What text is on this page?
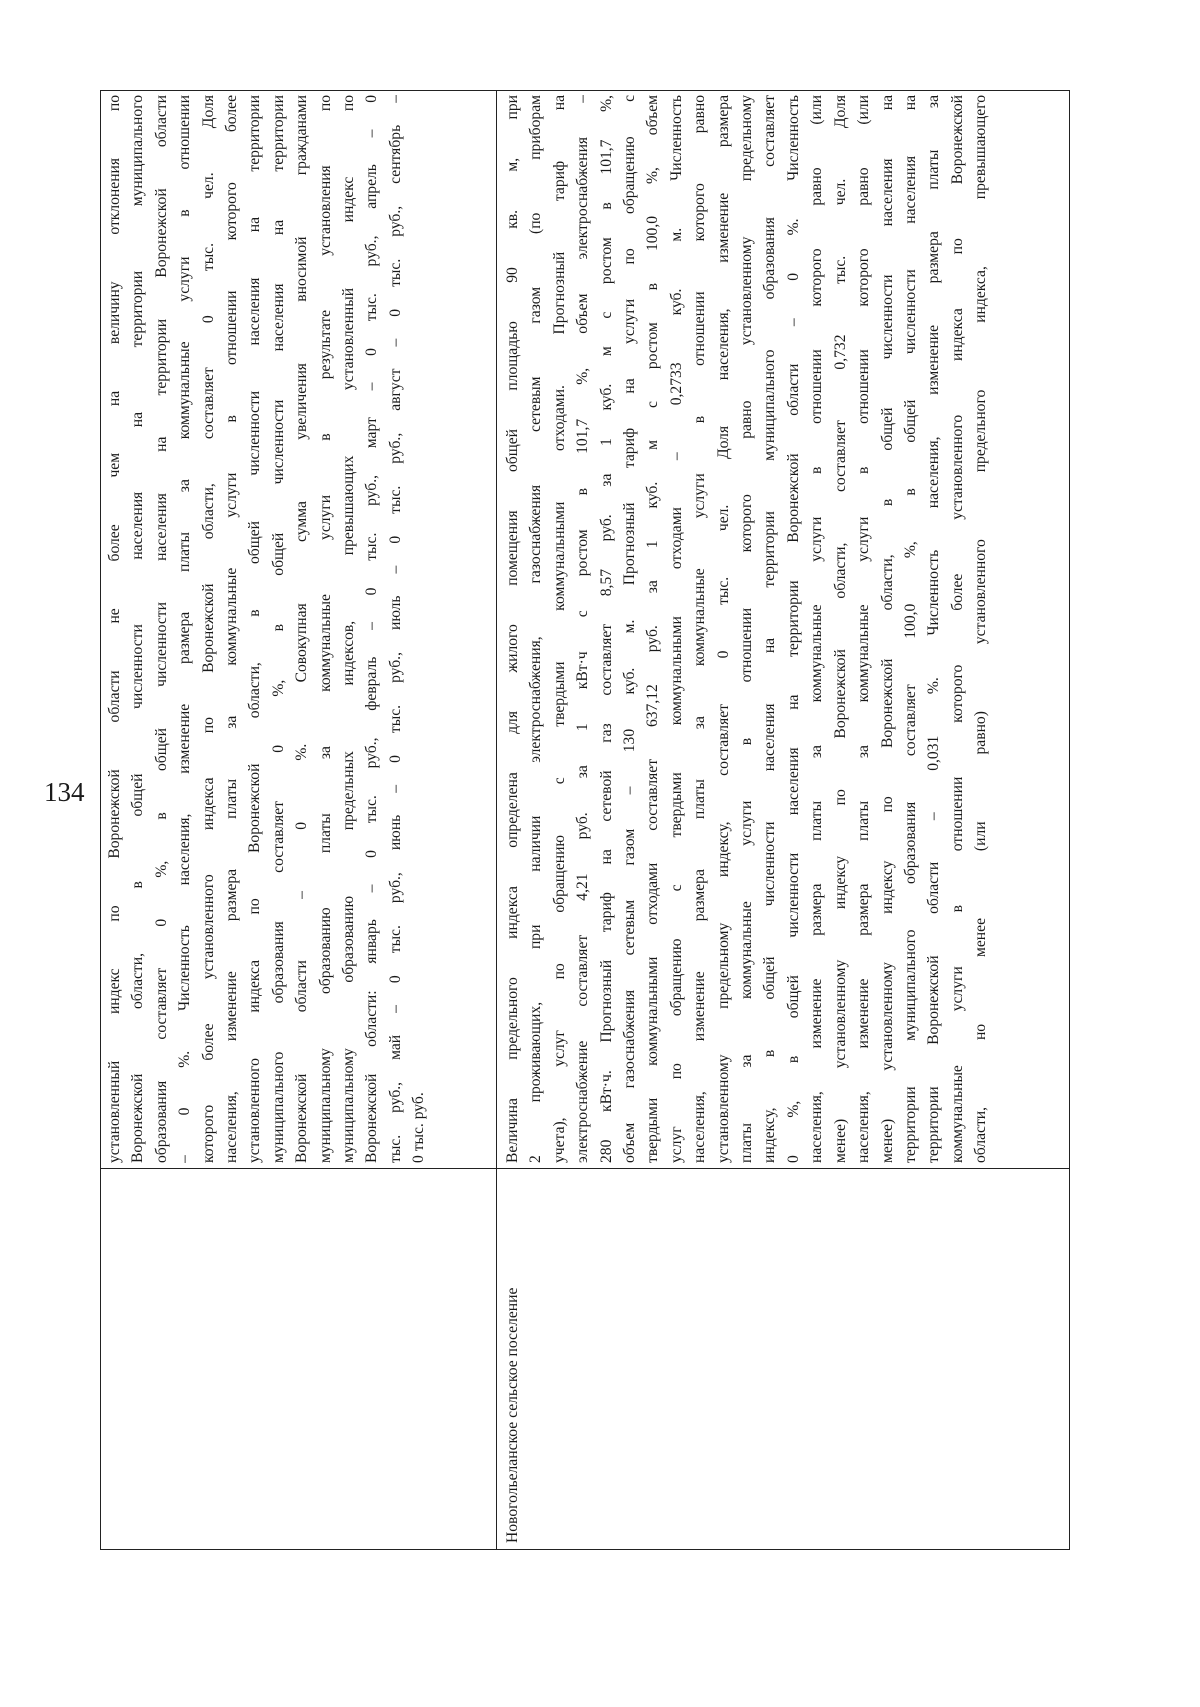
134 установленный индекс по Воронежской области не более чем на величину отклонения по Воронежской области, в общей численности населения на территории муниципального образования составляет 0 %, в общей численности населения на территории Воронежской области – 0 %. Численность населения, изменение размера платы за коммунальные услуги в отношении которого более установленного индекса по Воронежской области, составляет 0 тыс. чел. Доля населения, изменение размера платы за коммунальные услуги в отношении которого более установленного индекса по Воронежской области, в общей численности населения на территории муниципального образования составляет 0 %, в общей численности населения на территории Воронежской области – 0 %. Совокупная сумма увеличения вносимой гражданами муниципальному образованию платы за коммунальные услуги в результате установления по муниципальному образованию предельных индексов, превышающих установленный индекс по Воронежской области: январь – 0 тыс. руб., февраль – 0 тыс. руб., март – 0 тыс. руб., апрель – 0 тыс. руб., май – 0 тыс. руб., июнь – 0 тыс. руб., июль – 0 тыс. руб., август – 0 тыс. руб., сентябрь – 0 тыс. руб.
Новогольеланское сельское поселение
Величина предельного индекса определена для жилого помещения общей площадью 90 кв. м, при 2 проживающих, при наличии электроснабжения, газоснабжения сетевым газом (по приборам учета), услуг по обращению с твердыми коммунальными отходами. Прогнозный тариф на электроснабжение составляет 4,21 руб. за 1 кВт·ч с ростом в 101,7 %, объем электроснабжения – 280 кВт·ч. Прогнозный тариф на сетевой газ составляет 8,57 руб. за 1 куб. м с ростом в 101,7 %, объем газоснабжения сетевым газом – 130 куб. м. Прогнозный тариф на услуги по обращению с твердыми коммунальными отходами составляет 637,12 руб. за 1 куб. м с ростом в 100,0 %, объем услуг по обращению с твердыми коммунальными отходами – 0,2733 куб. м. Численность населения, изменение размера платы за коммунальные услуги в отношении которого равно установленному предельному индексу, составляет 0 тыс. чел. Доля населения, изменение размера платы за коммунальные услуги в отношении которого равно установленному предельному индексу, в общей численности населения на территории муниципального образования составляет 0 %, в общей численности населения на территории Воронежской области – 0 %. Численность населения, изменение размера платы за коммунальные услуги в отношении которого равно (или менее) установленному индексу по Воронежской области, составляет 0,732 тыс. чел. Доля населения, изменение размера платы за коммунальные услуги в отношении которого равно (или менее) установленному индексу по Воронежской области, в общей численности населения на территории муниципального образования составляет 100,0 %, в общей численности населения на территории Воронежской области – 0,031 %. Численность населения, изменение размера платы за коммунальные услуги в отношении которого более установленного индекса по Воронежской области, но менее (или равно) установленного предельного индекса, превышающего
